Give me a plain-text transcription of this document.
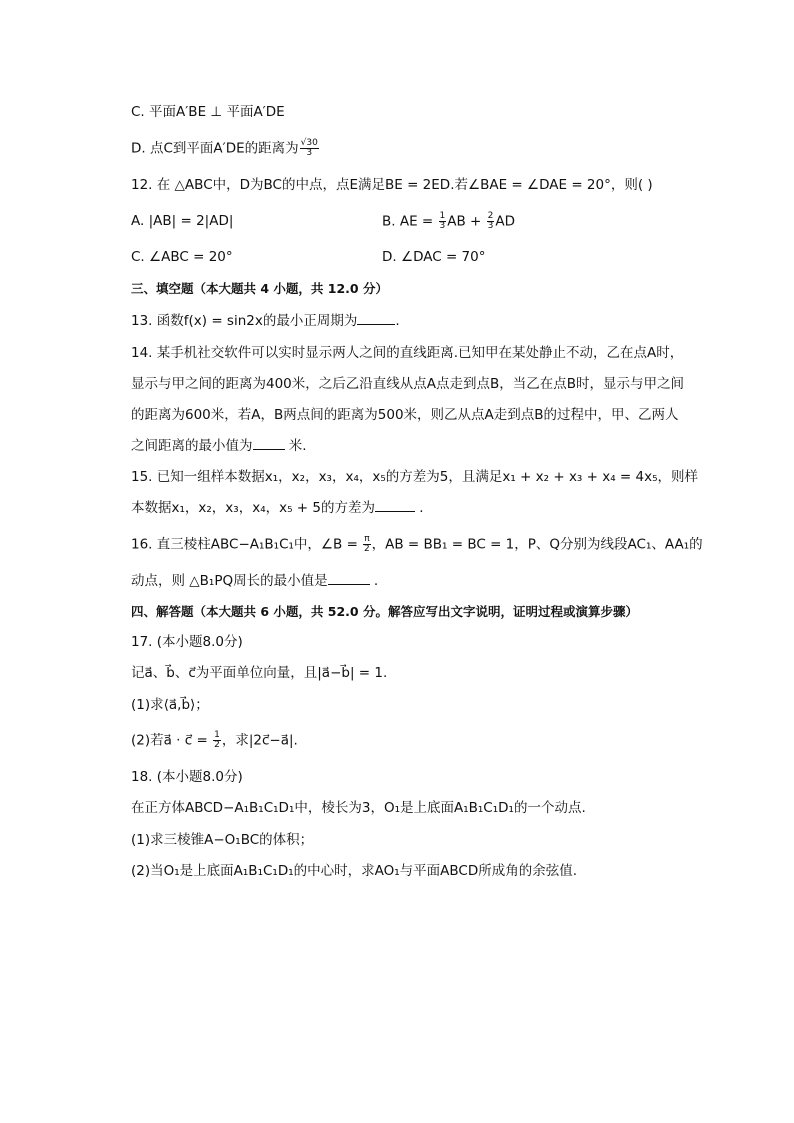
C. 平面A′BE ⊥ 平面A′DE

D. 点C到平面A′DE的距离为 $\frac{√30}{3}$

12. 在 △ABC中，D为BC的中点，点E满足BE = 2ED.若∠BAE = ∠DAE = 20°，则( )

A. |AB| = 2|AD|	B. AE = $\frac{1}{3}$ AB + $\frac{2}{3}$ AD

C. ∠ABC = 20°	D. ∠DAC = 70°

三、填空题（本大题共 4 小题，共 12.0 分）

13. 函数f(x) = sin2x的最小正周期为	.

14. 某手机社交软件可以实时显示两人之间的直线距离.已知甲在某处静止不动，乙在点A时，

显示与甲之间的距离为400米，之后乙沿直线从点A点走到点B，当乙在点B时，显示与甲之间

的距离为600米，若A，B两点间的距离为500米，则乙从点A走到点B的过程中，甲、乙两人

之间距离的最小值为 米.

15. 已知一组样本数据x₁，x₂，x₃，x₄，x₅的方差为5，且满足x₁ + x₂ + x₃ + x₄ = 4x₅，则样

本数据x₁，x₂，x₃，x₄，x₅ + 5的方差为	.

16. 直三棱柱ABC−A₁B₁C₁中，∠B = $\frac{\pi}{2}$ ，AB = BB₁ = BC = 1，P、Q分别为线段AC₁、AA₁的

动点，则 △B₁PQ周长的最小值是	.

四、解答题（本大题共 6 小题，共 52.0 分。解答应写出文字说明，证明过程或演算步骤）

17. (本小题8.0分)

记a⃗、b⃗、c⃗为平面单位向量，且|a⃗−b⃗| = 1.

(1)求⟨a⃗,b⃗⟩；

(2)若a⃗ · c⃗ = $\frac{1}{2}$ ，求|2c⃗−a⃗|.

18. (本小题8.0分)

在正方体ABCD−A₁B₁C₁D₁中，棱长为3，O₁是上底面A₁B₁C₁D₁的一个动点.

(1)求三棱锥A−O₁BC的体积；

(2)当O₁是上底面A₁B₁C₁D₁的中心时，求AO₁与平面ABCD所成角的余弦值.
